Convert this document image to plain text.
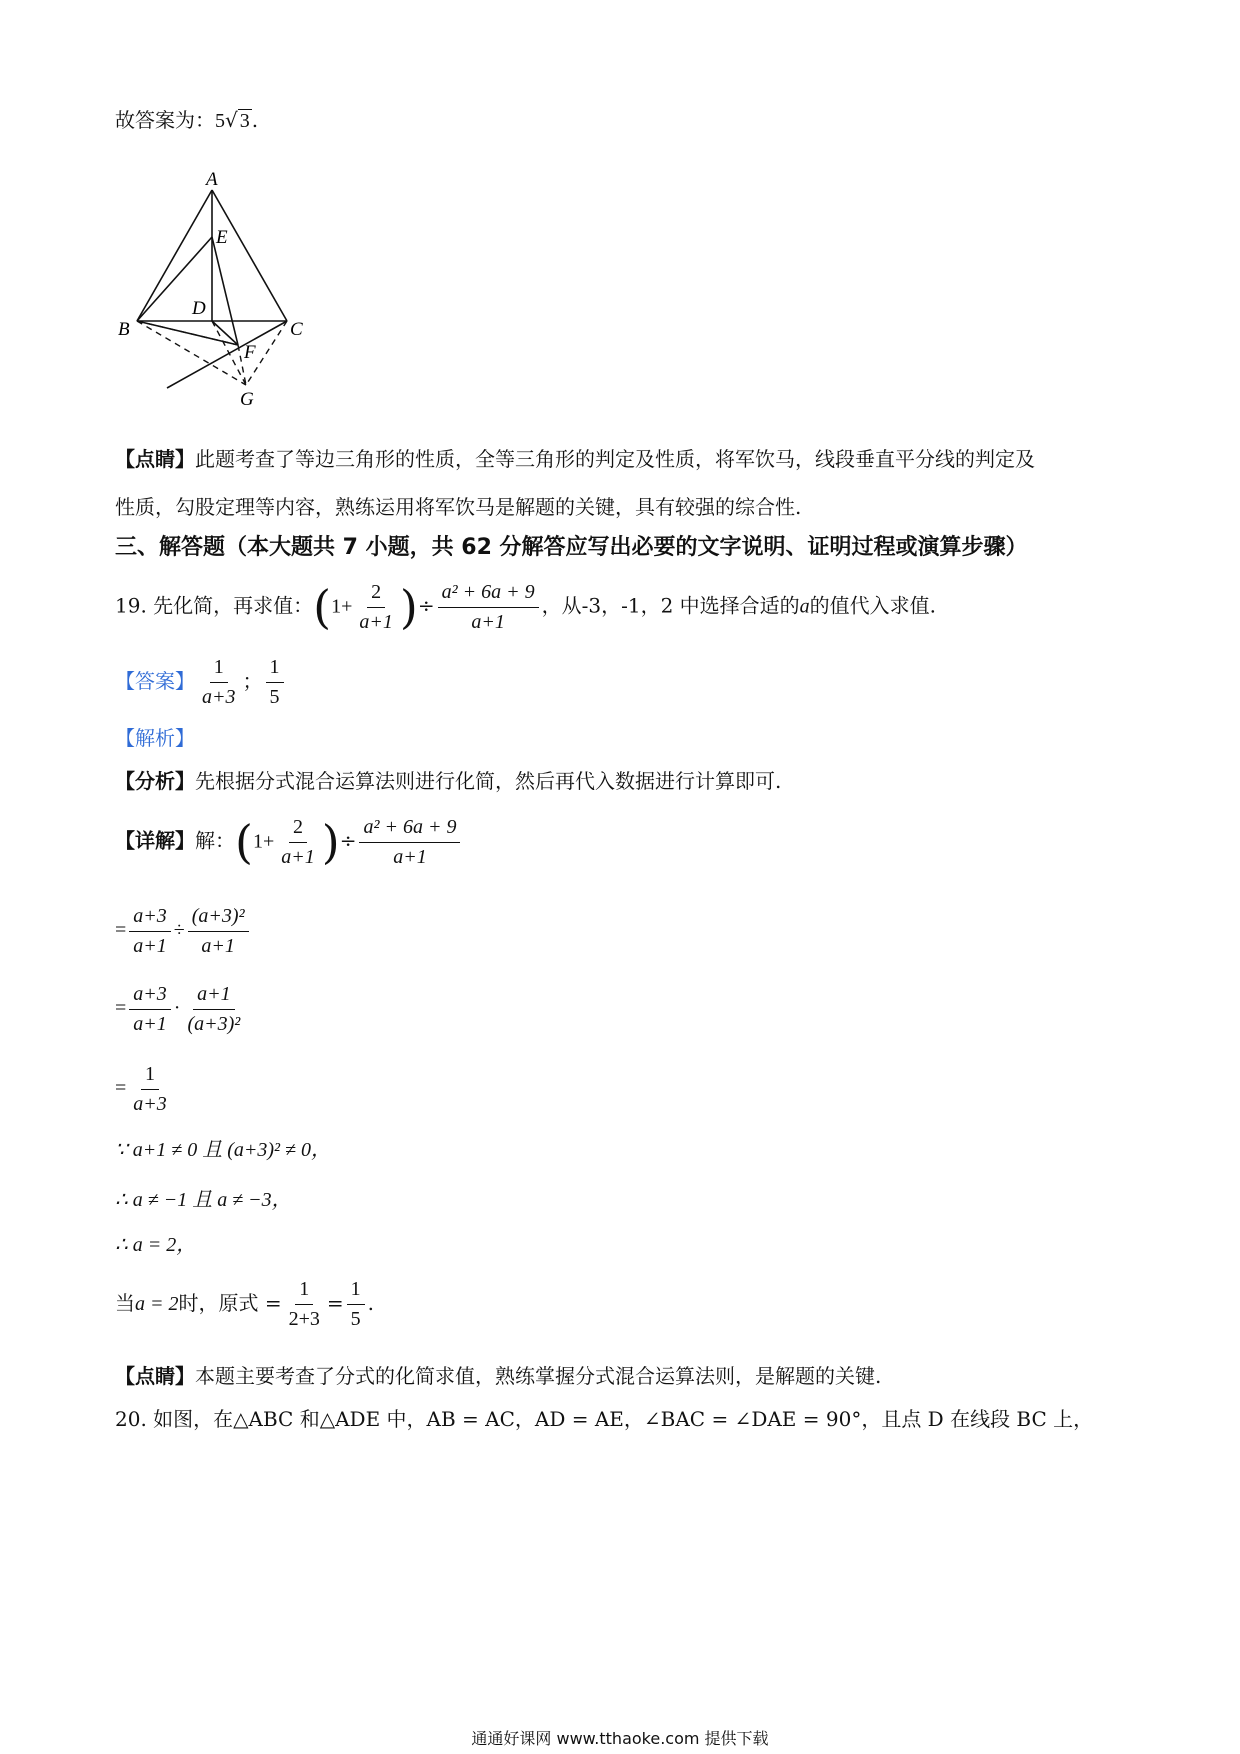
故答案为：5√ 3 .
A
E
D
B	C
F
G
【点睛】此题考查了等边三角形的性质，全等三角形的判定及性质，将军饮马，线段垂直平分线的判定及
性质，勾股定理等内容，熟练运用将军饮马是解题的关键，具有较强的综合性.
三、解答题（本大题共 7 小题，共 62 分解答应写出必要的文字说明、证明过程或演算步骤）
19. 先化简，再求值：($1+ \frac{2}{a+1}$ )÷ $\frac{\text{a² + 6a + 9}}{a+1}$ ，从-3，-1，2 中选择合适的a的值代入求值.
【答案】 $\frac{1}{a+3}$ ； $\frac{1}{5}$
【解析】
【分析】先根据分式混合运算法则进行化简，然后再代入数据进行计算即可.
【详解】解：($1+ \frac{2}{a+1}$ )÷ $\frac{\text{a² + 6a + 9}}{a+1}$
= $\frac{a+3}{a+1} \div \frac{\text{(a+3)²}}{a+1}$
= $\frac{a+3}{a+1} \cdot \frac{a+1}{\text{(a+3)²}}$
= $\frac{1}{a+3}$
∵ a+1 ≠ 0 且 (a+3)² ≠ 0，
∴ a ≠ −1 且 a ≠ −3，
∴ a = 2，
当a = 2时，原式 = $\frac{1}{2+3} = \frac{1}{5}$ .
【点睛】本题主要考查了分式的化简求值，熟练掌握分式混合运算法则，是解题的关键.
20. 如图，在△ABC 和△ADE 中，AB = AC，AD = AE，∠BAC = ∠DAE = 90°，且点 D 在线段 BC 上，
通通好课网 www.tthaoke.com 提供下载
